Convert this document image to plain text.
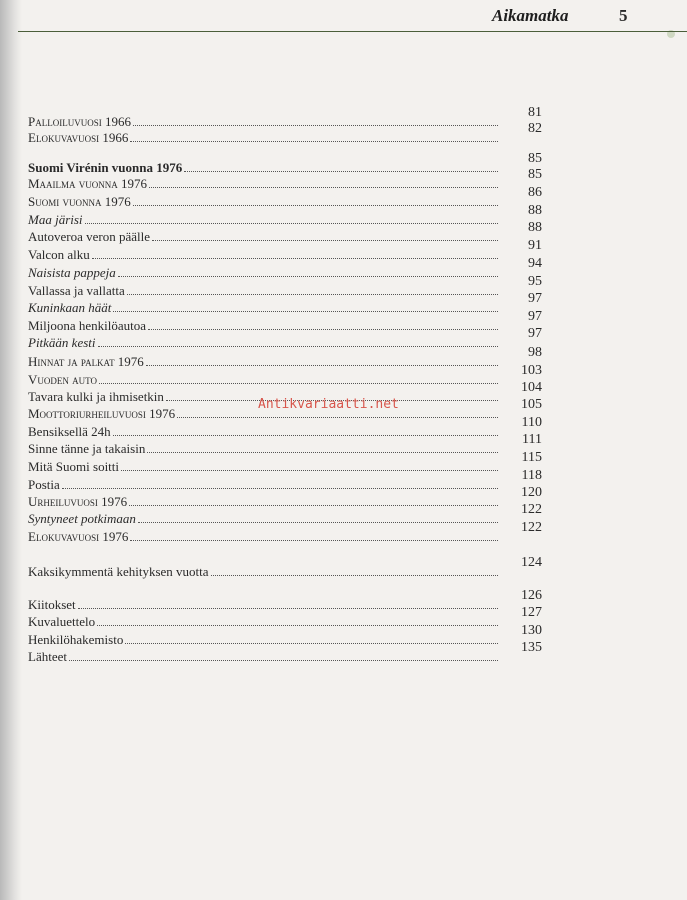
Aikamatka	5
Palloiluvuosi 1966
81
Elokuvavuosi 1966
82
Suomi Virénin vuonna 1976
85
Maailma vuonna 1976
85
Suomi vuonna 1976
86
Maa järisi
88
Autoveroa veron päälle
88
Valcon alku
91
Naisista pappeja
94
Vallassa ja vallatta
95
Kuninkaan häät
97
Miljoona henkilöautoa
97
Pitkään kesti
97
Hinnat ja palkat 1976
98
Vuoden auto
103
Tavara kulki ja ihmisetkin
104
Moottoriurheiluvuosi 1976
105
Bensiksellä 24h
110
Sinne tänne ja takaisin
111
Mitä Suomi soitti
115
Postia
118
Urheiluvuosi 1976
120
Syntyneet potkimaan
122
Elokuvavuosi 1976
122
Kaksikymmentä kehityksen vuotta
124
Kiitokset
126
Kuvaluettelo
127
Henkilöhakemisto
130
Lähteet
135
Antikvariaatti.net
